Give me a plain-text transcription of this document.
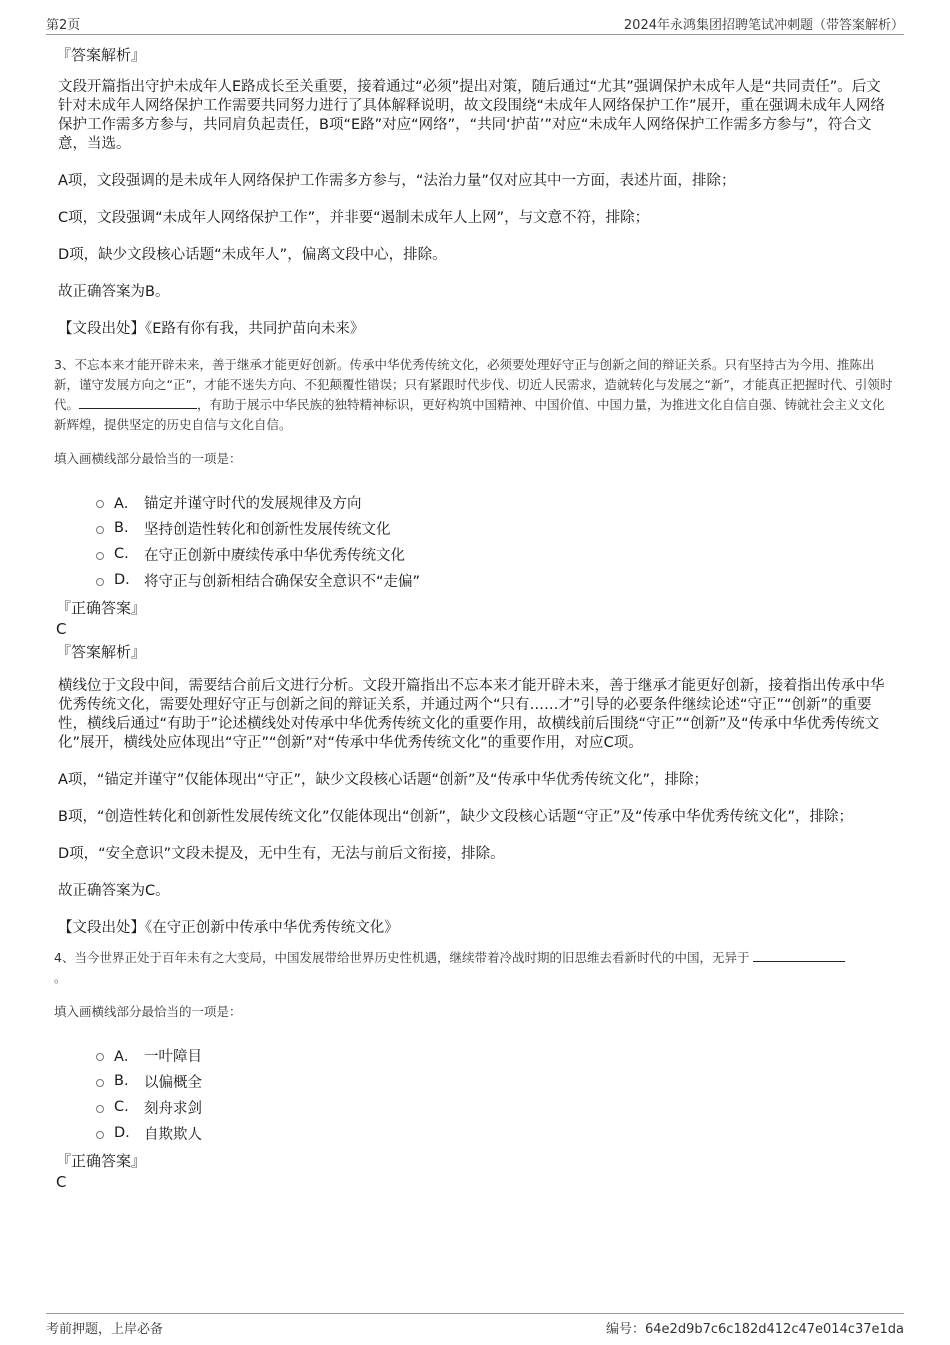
第2页	2024年永鸿集团招聘笔试冲刺题（带答案解析）

『答案解析』

文段开篇指出守护未成年人E路成长至关重要，接着通过“必须”提出对策，随后通过“尤其”强调保护未成年人是“共同责任”。后文针对未成年人网络保护工作需要共同努力进行了具体解释说明，故文段围绕“未成年人网络保护工作”展开，重在强调未成年人网络保护工作需多方参与，共同肩负起责任，B项“E路”对应“网络”，“共同‘护苗’”对应“未成年人网络保护工作需多方参与”，符合文意，当选。

A项，文段强调的是未成年人网络保护工作需多方参与，“法治力量”仅对应其中一方面，表述片面，排除；

C项，文段强调“未成年人网络保护工作”，并非要“遏制未成年人上网”，与文意不符，排除；

D项，缺少文段核心话题“未成年人”，偏离文段中心，排除。

故正确答案为B。

【文段出处】《E路有你有我，共同护苗向未来》

3、不忘本来才能开辟未来，善于继承才能更好创新。传承中华优秀传统文化，必须要处理好守正与创新之间的辩证关系。只有坚持古为今用、推陈出新，谨守发展方向之“正”，才能不迷失方向、不犯颠覆性错误；只有紧跟时代步伐、切近人民需求，造就转化与发展之“新”，才能真正把握时代、引领时代。	，有助于展示中华民族的独特精神标识，更好构筑中国精神、中国价值、中国力量，为推进文化自信自强、铸就社会主义文化新辉煌，提供坚定的历史自信与文化自信。

填入画横线部分最恰当的一项是：

A． 锚定并谨守时代的发展规律及方向
B.	坚持创造性转化和创新性发展传统文化
C.	在守正创新中赓续传承中华优秀传统文化
D. 将守正与创新相结合确保安全意识不“走偏”

『正确答案』

C

『答案解析』

横线位于文段中间，需要结合前后文进行分析。文段开篇指出不忘本来才能开辟未来，善于继承才能更好创新，接着指出传承中华优秀传统文化，需要处理好守正与创新之间的辩证关系，并通过两个“只有……才”引导的必要条件继续论述“守正”“创新”的重要性，横线后通过“有助于”论述横线处对传承中华优秀传统文化的重要作用，故横线前后围绕“守正”“创新”及“传承中华优秀传统文化”展开，横线处应体现出“守正”“创新”对“传承中华优秀传统文化”的重要作用，对应C项。

A项，“锚定并谨守”仅能体现出“守正”，缺少文段核心话题“创新”及“传承中华优秀传统文化”，排除；

B项，“创造性转化和创新性发展传统文化”仅能体现出“创新”，缺少文段核心话题“守正”及“传承中华优秀传统文化”，排除；

D项，“安全意识”文段未提及，无中生有，无法与前后文衔接，排除。

故正确答案为C。

【文段出处】《在守正创新中传承中华优秀传统文化》

4、当今世界正处于百年未有之大变局，中国发展带给世界历史性机遇，继续带着冷战时期的旧思维去看新时代的中国，无异于
。

填入画横线部分最恰当的一项是：

A． 一叶障目
B.	以偏概全
C.	刻舟求剑
D. 自欺欺人

『正确答案』

C

考前押题，上岸必备	编号：64e2d9b7c6c182d412c47e014c37e1da
